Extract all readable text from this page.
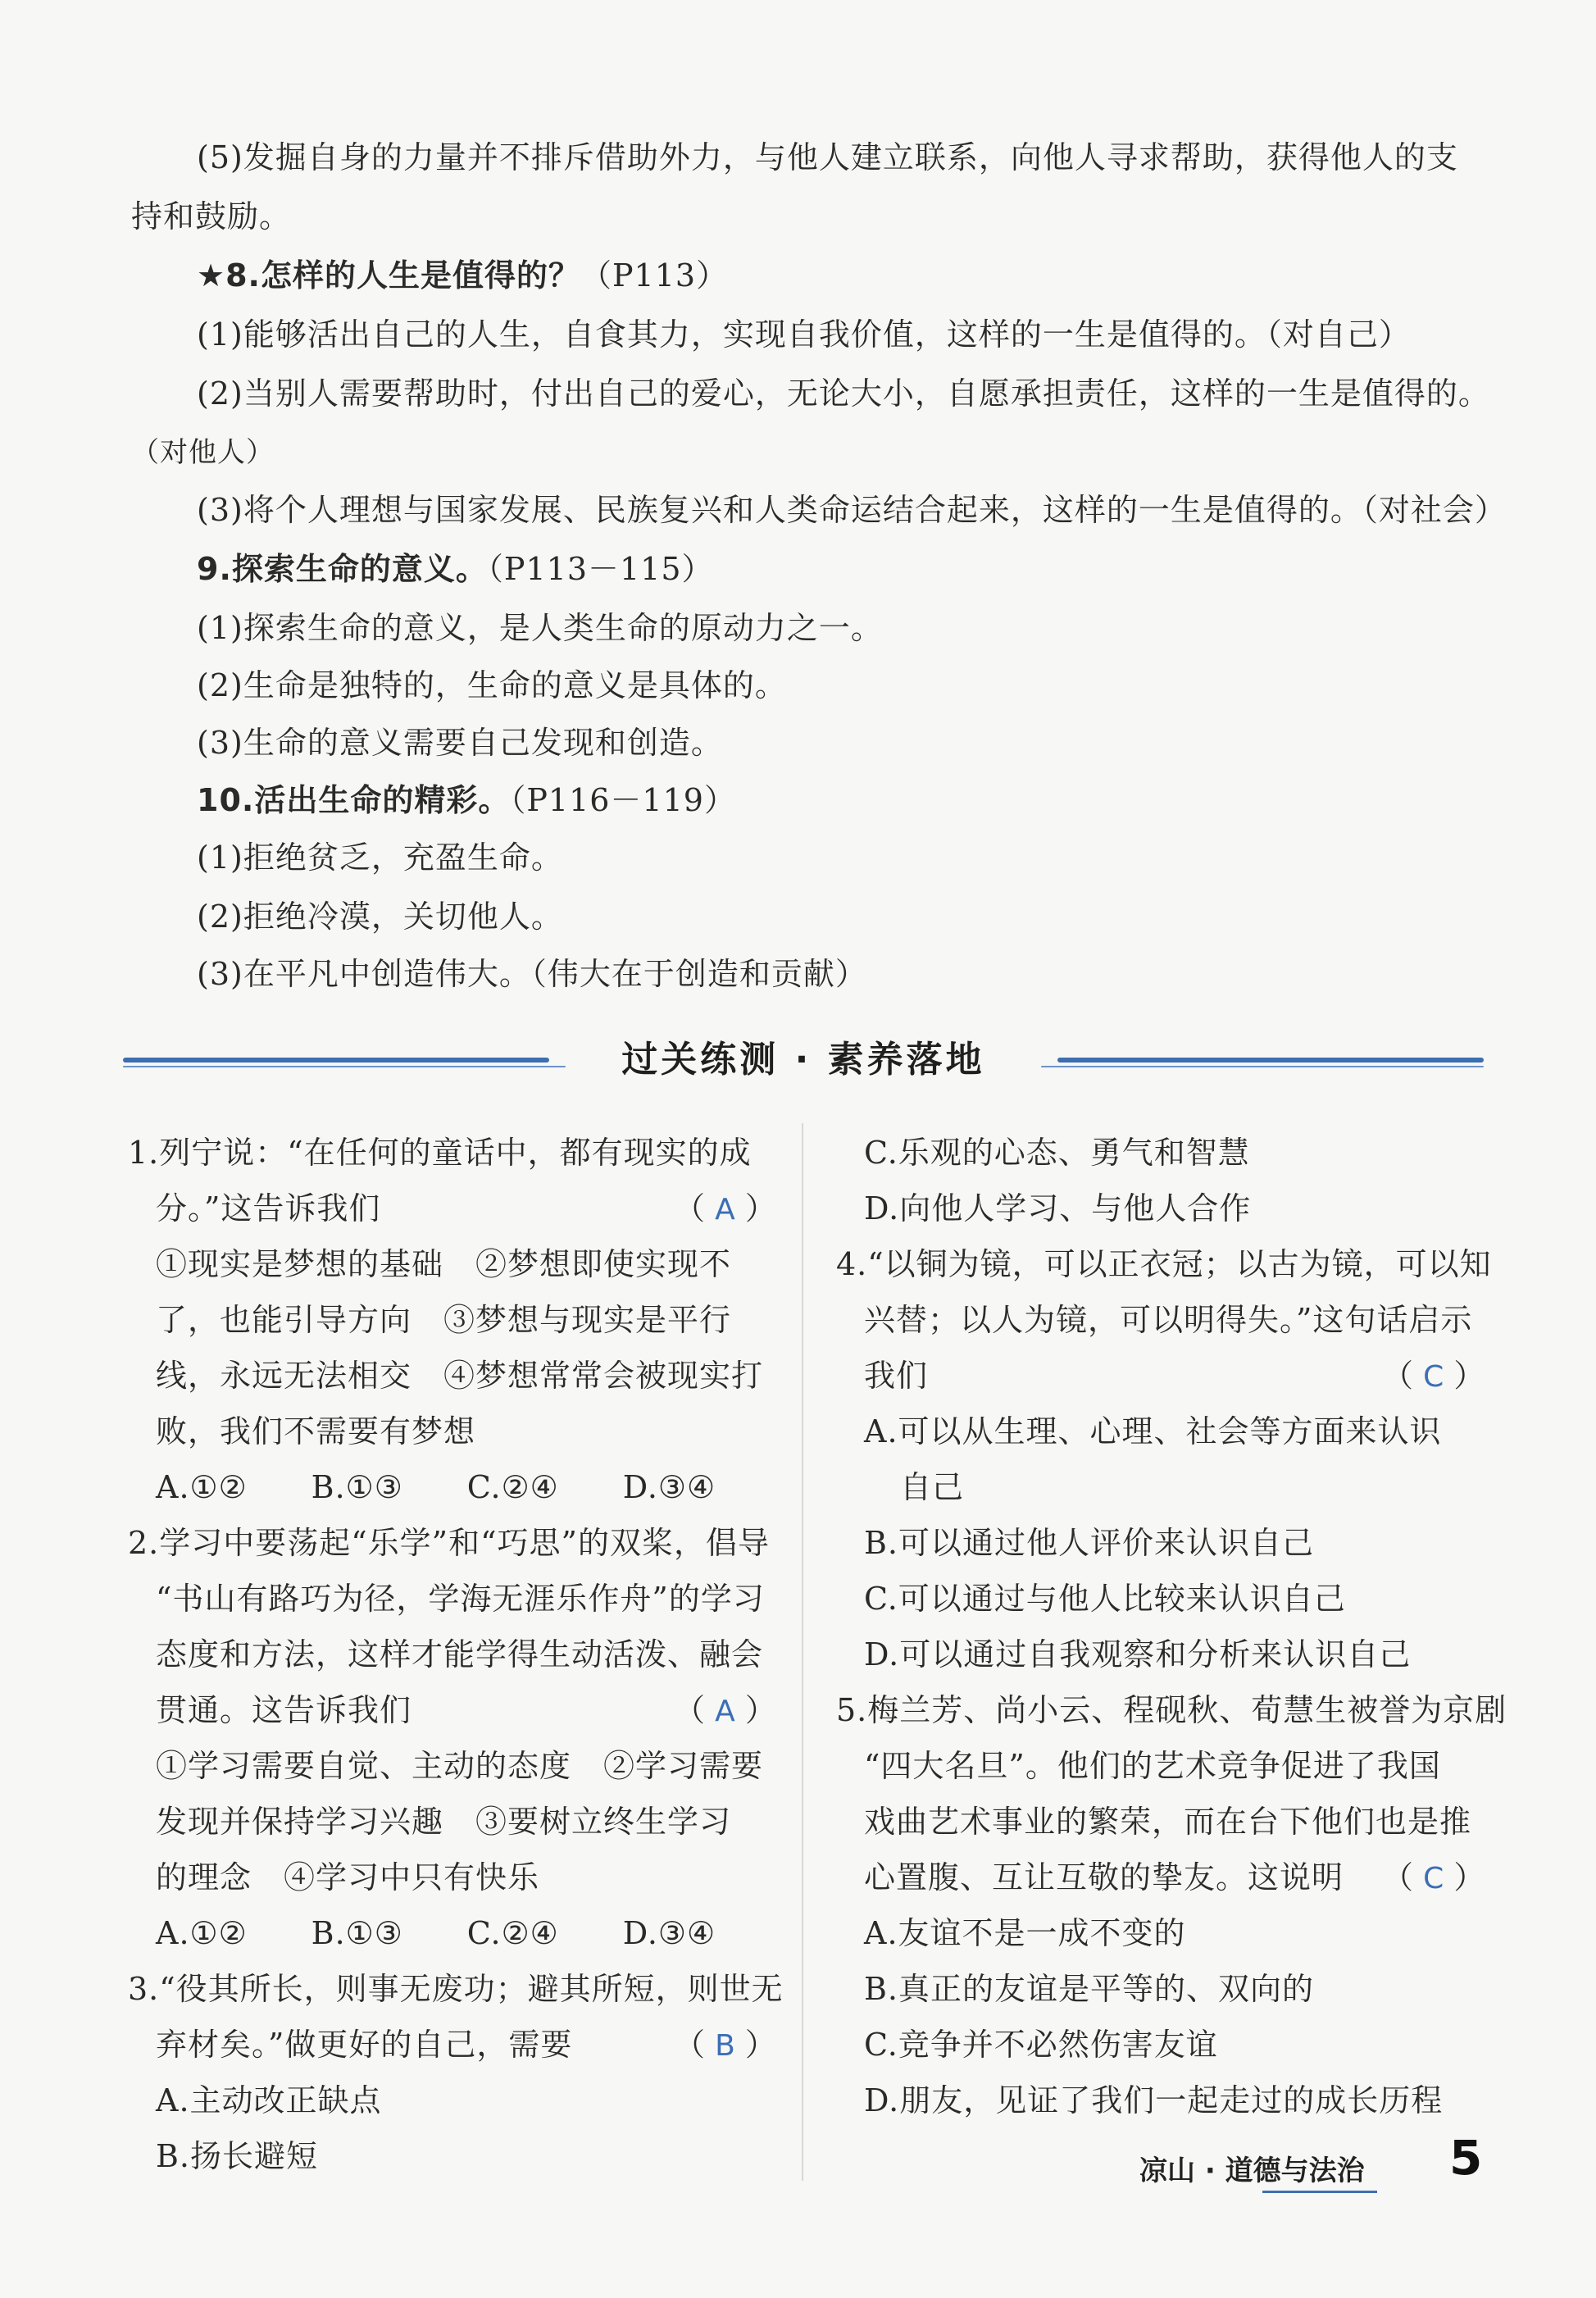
(5)发掘自身的力量并不排斥借助外力，与他人建立联系，向他人寻求帮助，获得他人的支
持和鼓励。
★8.怎样的人生是值得的？（P113）
(1)能够活出自己的人生，自食其力，实现自我价值，这样的一生是值得的。（对自己）
(2)当别人需要帮助时，付出自己的爱心，无论大小，自愿承担责任，这样的一生是值得的。
（对他人）
(3)将个人理想与国家发展、民族复兴和人类命运结合起来，这样的一生是值得的。（对社会）
9.探索生命的意义。（P113－115）
(1)探索生命的意义，是人类生命的原动力之一。
(2)生命是独特的，生命的意义是具体的。
(3)生命的意义需要自己发现和创造。
10.活出生命的精彩。（P116－119）
(1)拒绝贫乏，充盈生命。
(2)拒绝冷漠，关切他人。
(3)在平凡中创造伟大。（伟大在于创造和贡献）
过关练测 · 素养落地
1.列宁说：“在任何的童话中，都有现实的成
分。”这告诉我们	（ A ）
①现实是梦想的基础　②梦想即使实现不
了，也能引导方向　③梦想与现实是平行
线，永远无法相交　④梦想常常会被现实打
败，我们不需要有梦想
A.①②　　B.①③　　C.②④　　D.③④
2.学习中要荡起“乐学”和“巧思”的双桨，倡导
“书山有路巧为径，学海无涯乐作舟”的学习
态度和方法，这样才能学得生动活泼、融会
贯通。这告诉我们	（ A ）
①学习需要自觉、主动的态度　②学习需要
发现并保持学习兴趣　③要树立终生学习
的理念　④学习中只有快乐
A.①②　　B.①③　　C.②④　　D.③④
3.“役其所长，则事无废功；避其所短，则世无
弃材矣。”做更好的自己，需要	（ B ）
A.主动改正缺点
B.扬长避短
C.乐观的心态、勇气和智慧
D.向他人学习、与他人合作
4.“以铜为镜，可以正衣冠；以古为镜，可以知
兴替；以人为镜，可以明得失。”这句话启示
我们	（ C ）
A.可以从生理、心理、社会等方面来认识
自己
B.可以通过他人评价来认识自己
C.可以通过与他人比较来认识自己
D.可以通过自我观察和分析来认识自己
5.梅兰芳、尚小云、程砚秋、荀慧生被誉为京剧
“四大名旦”。他们的艺术竞争促进了我国
戏曲艺术事业的繁荣，而在台下他们也是推
心置腹、互让互敬的挚友。这说明 （ C ）
A.友谊不是一成不变的
B.真正的友谊是平等的、双向的
C.竞争并不必然伤害友谊
D.朋友，见证了我们一起走过的成长历程
凉山 · 道德与法治 5
